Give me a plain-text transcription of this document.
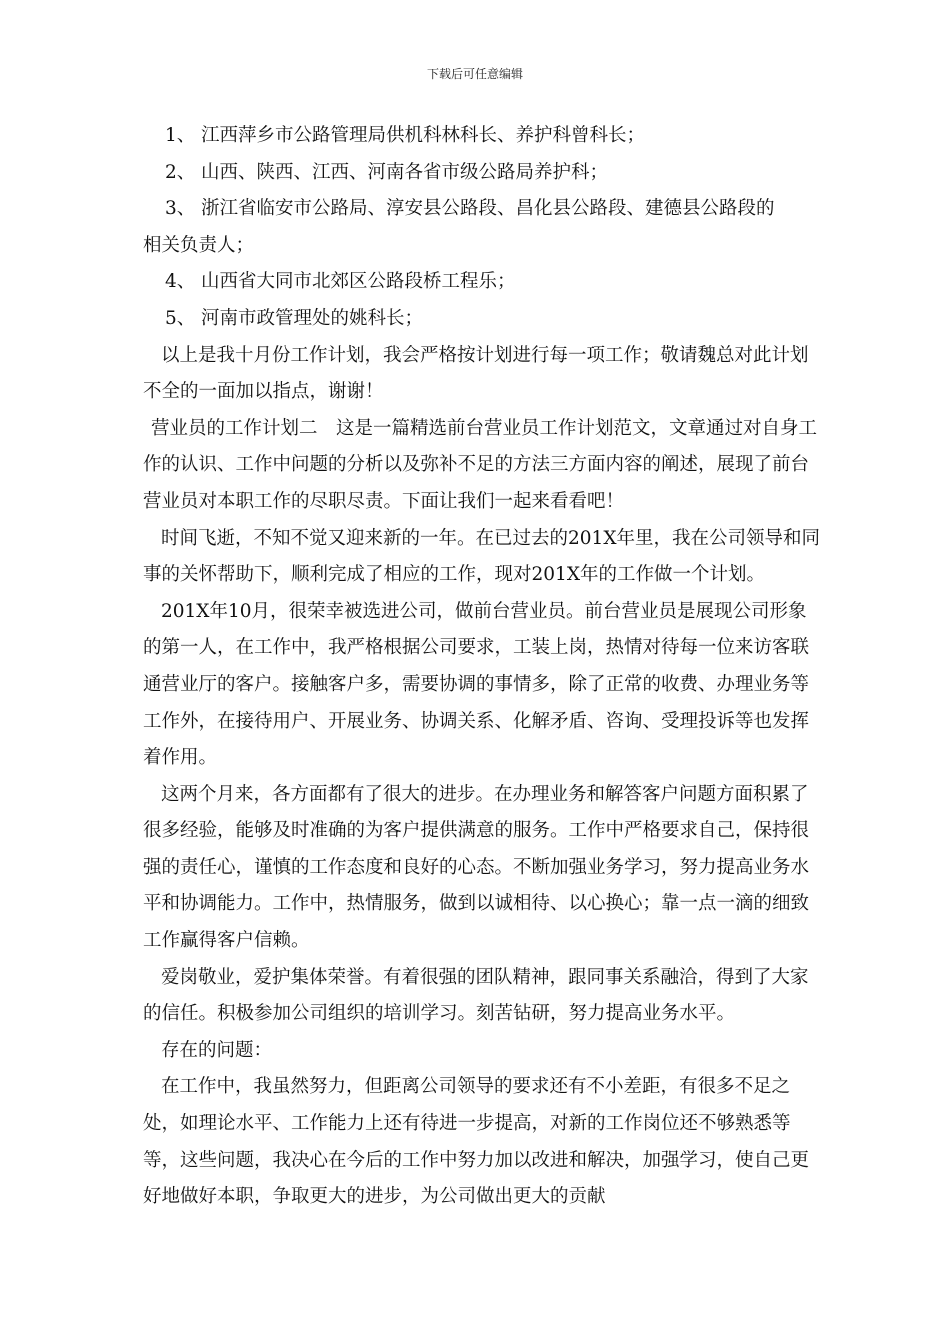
下载后可任意编辑

1、 江西萍乡市公路管理局供机科林科长、养护科曾科长；

2、 山西、陕西、江西、河南各省市级公路局养护科；

3、 浙江省临安市公路局、淳安县公路段、昌化县公路段、建德县公路段的

相关负责人；

4、 山西省大同市北郊区公路段桥工程乐；

5、 河南市政管理处的姚科长；

以上是我十月份工作计划，我会严格按计划进行每一项工作；敬请魏总对此计划不全的一面加以指点，谢谢！

营业员的工作计划二　这是一篇精选前台营业员工作计划范文，文章通过对自身工作的认识、工作中问题的分析以及弥补不足的方法三方面内容的阐述，展现了前台营业员对本职工作的尽职尽责。下面让我们一起来看看吧！

时间飞逝，不知不觉又迎来新的一年。在已过去的201X年里，我在公司领导和同事的关怀帮助下，顺利完成了相应的工作，现对201X年的工作做一个计划。

201X年10月，很荣幸被选进公司，做前台营业员。前台营业员是展现公司形象的第一人，在工作中，我严格根据公司要求，工装上岗，热情对待每一位来访客联通营业厅的客户。接触客户多，需要协调的事情多，除了正常的收费、办理业务等工作外，在接待用户、开展业务、协调关系、化解矛盾、咨询、受理投诉等也发挥着作用。

这两个月来，各方面都有了很大的进步。在办理业务和解答客户问题方面积累了很多经验，能够及时准确的为客户提供满意的服务。工作中严格要求自己，保持很强的责任心，谨慎的工作态度和良好的心态。不断加强业务学习，努力提高业务水平和协调能力。工作中，热情服务，做到以诚相待、以心换心；靠一点一滴的细致工作赢得客户信赖。

爱岗敬业，爱护集体荣誉。有着很强的团队精神，跟同事关系融洽，得到了大家的信任。积极参加公司组织的培训学习。刻苦钻研，努力提高业务水平。

存在的问题：

在工作中，我虽然努力，但距离公司领导的要求还有不小差距，有很多不足之处，如理论水平、工作能力上还有待进一步提高，对新的工作岗位还不够熟悉等等，这些问题，我决心在今后的工作中努力加以改进和解决，加强学习，使自己更好地做好本职，争取更大的进步，为公司做出更大的贡献
